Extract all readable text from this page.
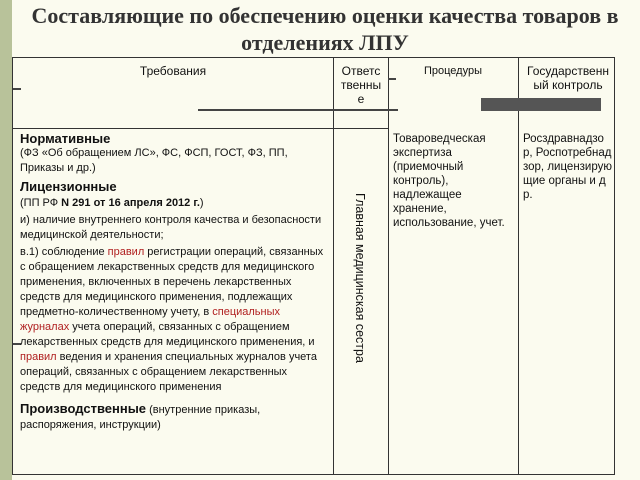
Составляющие по обеспечению оценки качества товаров в отделениях ЛПУ
Требования	Ответственные
Процедуры	Государственный контроль
Нормативные
(ФЗ «Об обращением ЛС», ФС, ФСП, ГОСТ, ФЗ, ПП, Приказы и др.)
Лицензионные
(ПП РФ N 291 от 16 апреля 2012 г.)
и) наличие внутреннего контроля качества и безопасности медицинской деятельности;
в.1) соблюдение правил регистрации операций, связанных с обращением лекарственных средств для медицинского применения, включенных в перечень лекарственных средств для медицинского применения, подлежащих предметно-количественному учету, в специальных журналах учета операций, связанных с обращением лекарственных средств для медицинского применения, и правил ведения и хранения специальных журналов учета операций, связанных с обращением лекарственных средств для медицинского применения
Производственные (внутренние приказы, распоряжения, инструкции)
Главная медицинская сестра
Товароведческая экспертиза (приемочный контроль), надлежащее хранение, использование, учет.
Росздравнадзор, Роспотребнадзор, лицензирующие органы и др.
